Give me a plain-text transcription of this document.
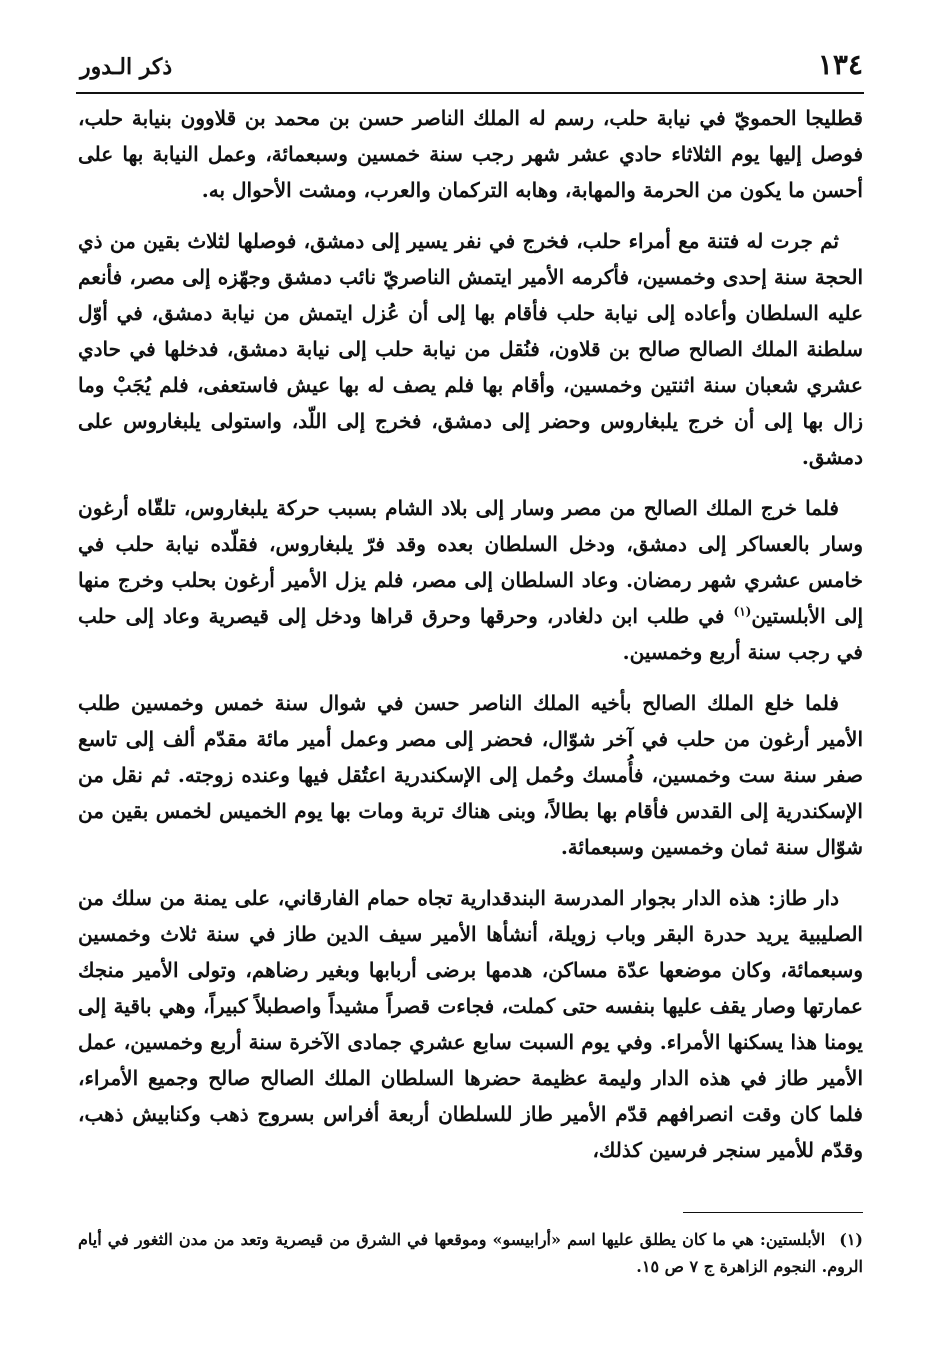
١٣٤
ذكر الـدور

قطليجا الحمويّ في نيابة حلب، رسم له الملك الناصر حسن بن محمد بن قلاوون بنيابة حلب، فوصل إليها يوم الثلاثاء حادي عشر شهر رجب سنة خمسين وسبعمائة، وعمل النيابة بها على أحسن ما يكون من الحرمة والمهابة، وهابه التركمان والعرب، ومشت الأحوال به.

ثم جرت له فتنة مع أمراء حلب، فخرج في نفر يسير إلى دمشق، فوصلها لثلاث بقين من ذي الحجة سنة إحدى وخمسين، فأكرمه الأمير ايتمش الناصريّ نائب دمشق وجهّزه إلى مصر، فأنعم عليه السلطان وأعاده إلى نيابة حلب فأقام بها إلى أن عُزل ايتمش من نيابة دمشق، في أوّل سلطنة الملك الصالح صالح بن قلاون، فنُقل من نيابة حلب إلى نيابة دمشق، فدخلها في حادي عشري شعبان سنة اثنتين وخمسين، وأقام بها فلم يصف له بها عيش فاستعفى، فلم يُجَبْ وما زال بها إلى أن خرج يلبغاروس وحضر إلى دمشق، فخرج إلى اللّد، واستولى يلبغاروس على دمشق.

فلما خرج الملك الصالح من مصر وسار إلى بلاد الشام بسبب حركة يلبغاروس، تلقّاه أرغون وسار بالعساكر إلى دمشق، ودخل السلطان بعده وقد فرّ يلبغاروس، فقلّده نيابة حلب في خامس عشري شهر رمضان. وعاد السلطان إلى مصر، فلم يزل الأمير أرغون بحلب وخرج منها إلى الأبلستين$^{(١)}$ في طلب ابن دلغادر، وحرقها وحرق قراها ودخل إلى قيصرية وعاد إلى حلب في رجب سنة أربع وخمسين.

فلما خلع الملك الصالح بأخيه الملك الناصر حسن في شوال سنة خمس وخمسين طلب الأمير أرغون من حلب في آخر شوّال، فحضر إلى مصر وعمل أمير مائة مقدّم ألف إلى تاسع صفر سنة ست وخمسين، فأُمسك وحُمل إلى الإسكندرية اعتُقل فيها وعنده زوجته. ثم نقل من الإسكندرية إلى القدس فأقام بها بطالاً، وبنى هناك تربة ومات بها يوم الخميس لخمس بقين من شوّال سنة ثمان وخمسين وسبعمائة.

دار طاز: هذه الدار بجوار المدرسة البندقدارية تجاه حمام الفارقاني، على يمنة من سلك من الصليبية يريد حدرة البقر وباب زويلة، أنشأها الأمير سيف الدين طاز في سنة ثلاث وخمسين وسبعمائة، وكان موضعها عدّة مساكن، هدمها برضى أربابها وبغير رضاهم، وتولى الأمير منجك عمارتها وصار يقف عليها بنفسه حتى كملت، فجاءت قصراً مشيداً واصطبلاً كبيراً، وهي باقية إلى يومنا هذا يسكنها الأمراء. وفي يوم السبت سابع عشري جمادى الآخرة سنة أربع وخمسين، عمل الأمير طاز في هذه الدار وليمة عظيمة حضرها السلطان الملك الصالح صالح وجميع الأمراء، فلما كان وقت انصرافهم قدّم الأمير طاز للسلطان أربعة أفراس بسروج ذهب وكنابيش ذهب، وقدّم للأمير سنجر فرسين كذلك،

(١)الأبلستين: هي ما كان يطلق عليها اسم «أرابيسو» وموقعها في الشرق من قيصرية وتعد من مدن الثغور في أيام الروم. النجوم الزاهرة ج ٧ ص ١٥.
